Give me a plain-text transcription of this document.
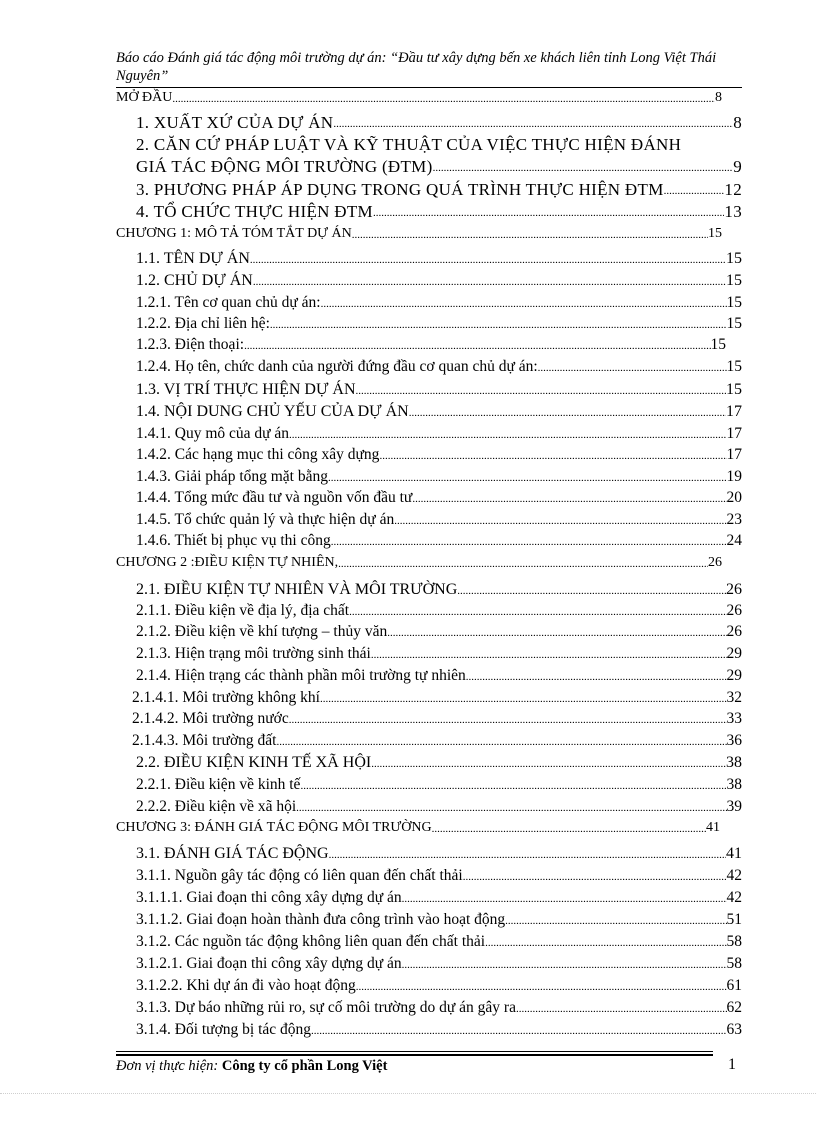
Báo cáo Đánh giá tác động môi trường dự án: “Đầu tư xây dựng bến xe khách liên tỉnh Long Việt Thái Nguyên”
MỞ ĐẦU .....	8
1. XUẤT XỨ CỦA DỰ ÁN .....	8
2. CĂN CỨ PHÁP LUẬT VÀ KỸ THUẬT CỦA VIỆC THỰC HIỆN ĐÁNH
GIÁ TÁC ĐỘNG MÔI TRƯỜNG (ĐTM) .....	9
3. PHƯƠNG PHÁP ÁP DỤNG TRONG QUÁ TRÌNH THỰC HIỆN ĐTM .....	12
4. TỔ CHỨC THỰC HIỆN ĐTM .....	13
CHƯƠNG 1: MÔ TẢ TÓM TẮT DỰ ÁN .....	15
1.1. TÊN DỰ ÁN .....	15
1.2. CHỦ DỰ ÁN .....	15
1.2.1. Tên cơ quan chủ dự án: .....	15
1.2.2. Địa chỉ liên hệ: .....	15
1.2.3. Điện thoại: .....	15
1.2.4. Họ tên, chức danh của người đứng đầu cơ quan chủ dự án: .....	15
1.3. VỊ TRÍ THỰC HIỆN DỰ ÁN .....	15
1.4. NỘI DUNG CHỦ YẾU CỦA DỰ ÁN .....	17
1.4.1. Quy mô của dự án .....	17
1.4.2. Các hạng mục thi công xây dựng .....	17
1.4.3. Giải pháp tổng mặt bằng .....	19
1.4.4. Tổng mức đầu tư và nguồn vốn đầu tư .....	20
1.4.5. Tổ chức quản lý và thực hiện dự án .....	23
1.4.6. Thiết bị phục vụ thi công .....	24
CHƯƠNG 2 :ĐIỀU KIỆN TỰ NHIÊN, .....	26
2.1. ĐIỀU KIỆN TỰ NHIÊN VÀ MÔI TRƯỜNG .....	26
2.1.1. Điều kiện về địa lý, địa chất .....	26
2.1.2. Điều kiện về khí tượng – thủy văn .....	26
2.1.3. Hiện trạng môi trường sinh thái .....	29
2.1.4. Hiện trạng các thành phần môi trường tự nhiên .....	29
2.1.4.1. Môi trường không khí .....	32
2.1.4.2. Môi trường nước .....	33
2.1.4.3. Môi trường đất .....	36
2.2. ĐIỀU KIỆN KINH TẾ XÃ HỘI .....	38
2.2.1. Điều kiện về kinh tế .....	38
2.2.2. Điều kiện về xã hội .....	39
CHƯƠNG 3: ĐÁNH GIÁ TÁC ĐỘNG MÔI TRƯỜNG .....	41
3.1. ĐÁNH GIÁ TÁC ĐỘNG .....	41
3.1.1. Nguồn gây tác động có liên quan đến chất thải .....	42
3.1.1.1. Giai đoạn thi công xây dựng dự án .....	42
3.1.1.2. Giai đoạn hoàn thành đưa công trình vào hoạt động .....	51
3.1.2. Các nguồn tác động không liên quan đến chất thải .....	58
3.1.2.1. Giai đoạn thi công xây dựng dự án .....	58
3.1.2.2. Khi dự án đi vào hoạt động .....	61
3.1.3. Dự báo những rủi ro, sự cố môi trường do dự án gây ra .....	62
3.1.4. Đối tượng bị tác động .....	63
Đơn vị thực hiện: Công ty cổ phần Long Việt	1
